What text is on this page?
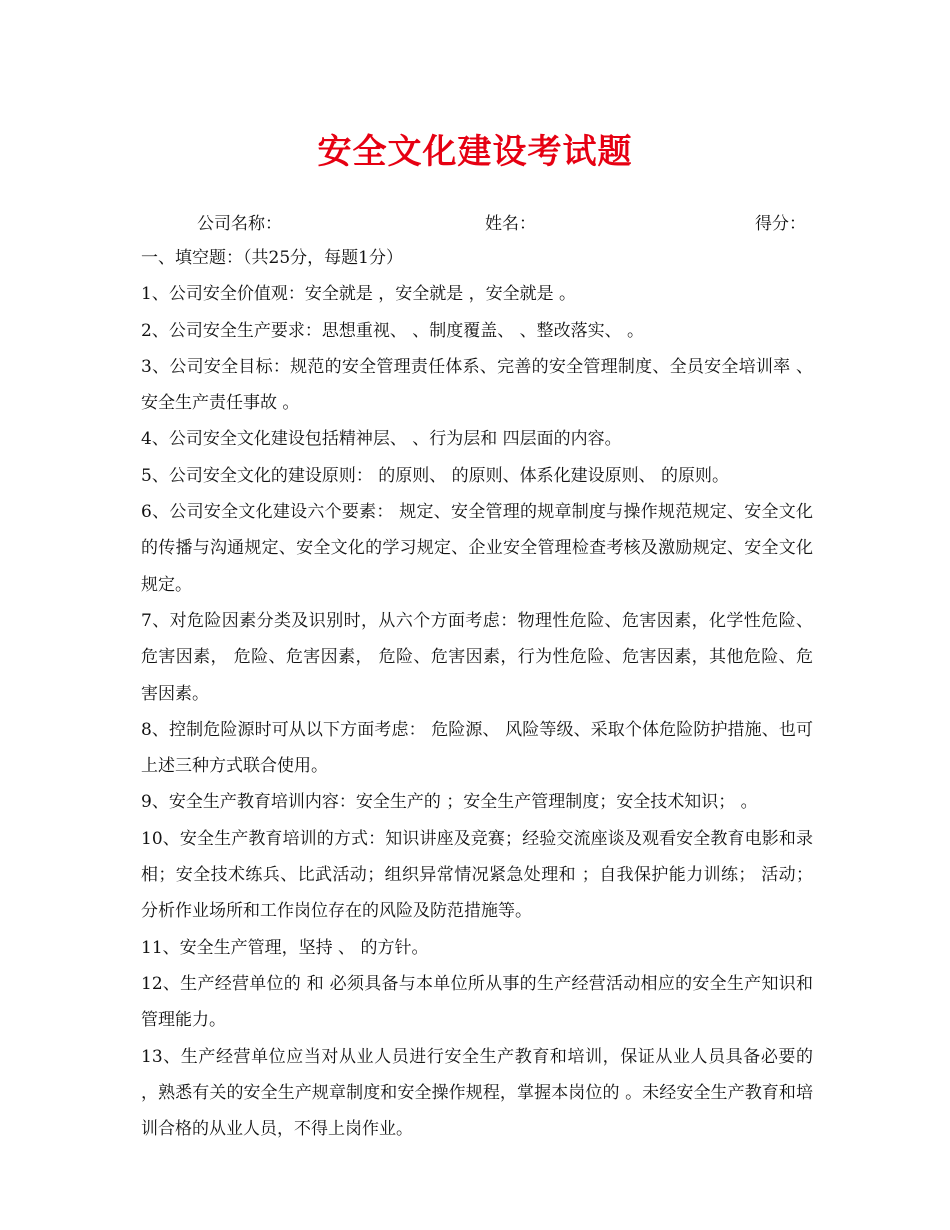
安全文化建设考试题
公司名称：	姓名：	得分：

一、填空题：（共25分，每题1分）

1、公司安全价值观：安全就是 ，安全就是 ，安全就是 。

2、公司安全生产要求：思想重视、 、制度覆盖、 、整改落实、 。

3、公司安全目标：规范的安全管理责任体系、完善的安全管理制度、全员安全培训率 、安全生产责任事故 。

4、公司安全文化建设包括精神层、 、行为层和 四层面的内容。

5、公司安全文化的建设原则： 的原则、 的原则、体系化建设原则、 的原则。

6、公司安全文化建设六个要素： 规定、安全管理的规章制度与操作规范规定、安全文化的传播与沟通规定、安全文化的学习规定、企业安全管理检查考核及激励规定、安全文化 规定。

7、对危险因素分类及识别时，从六个方面考虑：物理性危险、危害因素，化学性危险、危害因素， 危险、危害因素， 危险、危害因素，行为性危险、危害因素，其他危险、危害因素。

8、控制危险源时可从以下方面考虑： 危险源、 风险等级、采取个体危险防护措施、也可上述三种方式联合使用。

9、安全生产教育培训内容：安全生产的 ；安全生产管理制度；安全技术知识； 。

10、安全生产教育培训的方式：知识讲座及竞赛；经验交流座谈及观看安全教育电影和录相；安全技术练兵、比武活动；组织异常情况紧急处理和 ；自我保护能力训练； 活动；分析作业场所和工作岗位存在的风险及防范措施等。

11、安全生产管理，坚持 、 的方针。

12、生产经营单位的 和 必须具备与本单位所从事的生产经营活动相应的安全生产知识和管理能力。

13、生产经营单位应当对从业人员进行安全生产教育和培训，保证从业人员具备必要的 ，熟悉有关的安全生产规章制度和安全操作规程，掌握本岗位的 。未经安全生产教育和培训合格的从业人员，不得上岗作业。
